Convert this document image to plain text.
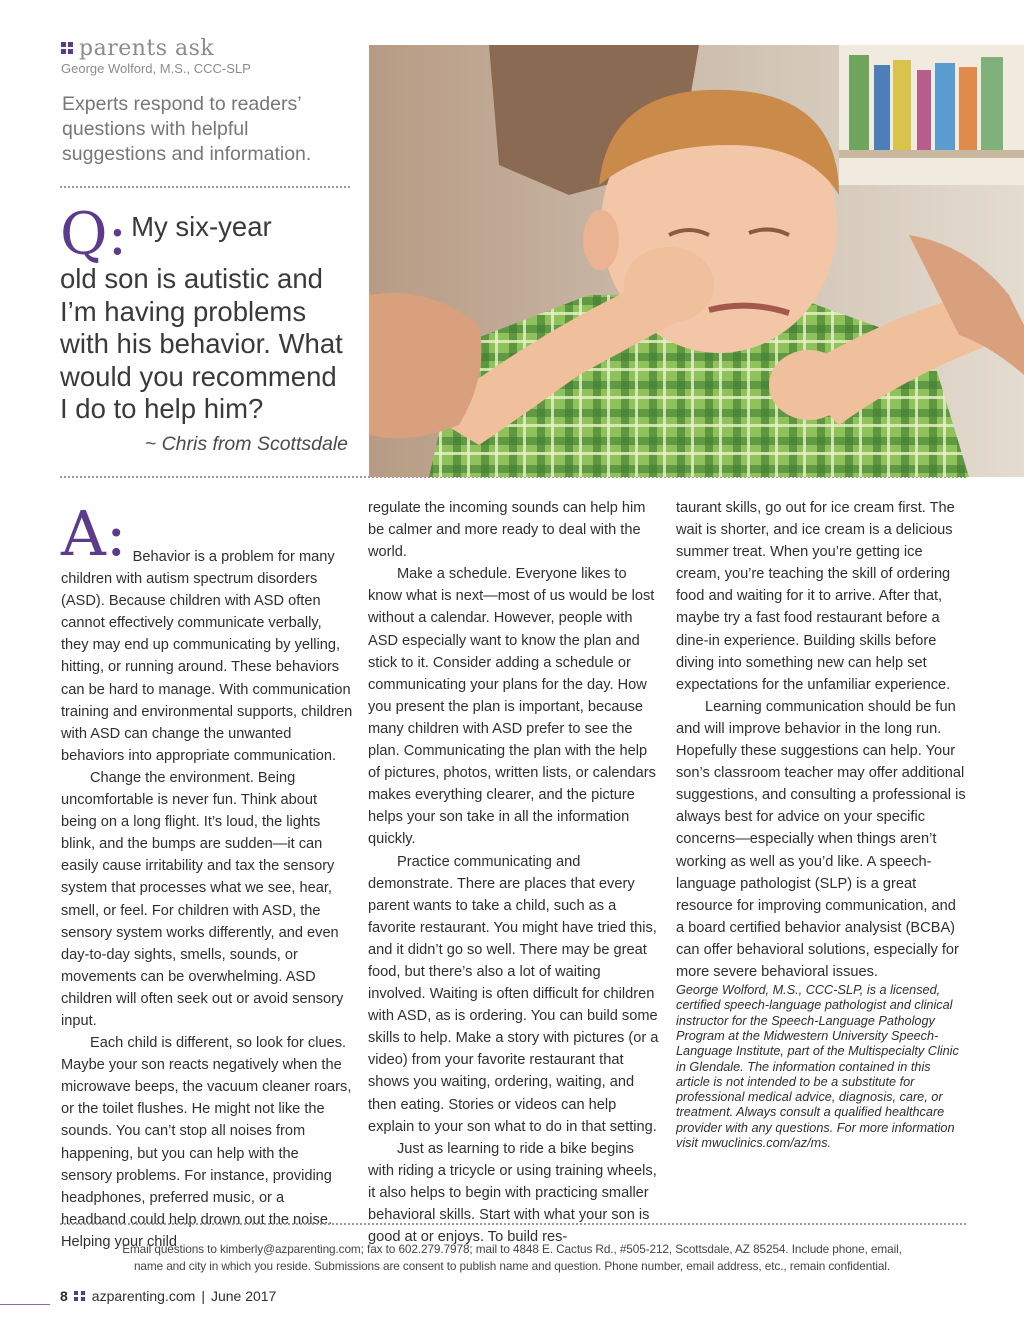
parents ask
George Wolford, M.S., CCC-SLP
Experts respond to readers’ questions with helpful suggestions and information.
Q: My six-year
old son is autistic and
I’m having problems
with his behavior. What
would you recommend
I do to help him?
~ Chris from Scottsdale
A: Behavior is a problem for many children with autism spectrum disorders (ASD). Because children with ASD often cannot effectively communicate verbally, they may end up communicating by yelling, hitting, or running around. These behaviors can be hard to manage. With communication training and environmental supports, children with ASD can change the unwanted behaviors into appropriate communication.

Change the environment. Being uncomfortable is never fun. Think about being on a long flight. It’s loud, the lights blink, and the bumps are sudden—it can easily cause irritability and tax the sensory system that processes what we see, hear, smell, or feel. For children with ASD, the sensory system works differently, and even day-to-day sights, smells, sounds, or movements can be overwhelming. ASD children will often seek out or avoid sensory input.

Each child is different, so look for clues. Maybe your son reacts negatively when the microwave beeps, the vacuum cleaner roars, or the toilet flushes. He might not like the sounds. You can’t stop all noises from happening, but you can help with the sensory problems. For instance, providing headphones, preferred music, or a headband could help drown out the noise. Helping your child

regulate the incoming sounds can help him be calmer and more ready to deal with the world.

Make a schedule. Everyone likes to know what is next—most of us would be lost without a calendar. However, people with ASD especially want to know the plan and stick to it. Consider adding a schedule or communicating your plans for the day. How you present the plan is important, because many children with ASD prefer to see the plan. Communicating the plan with the help of pictures, photos, written lists, or calendars makes everything clearer, and the picture helps your son take in all the information quickly.

Practice communicating and demonstrate. There are places that every parent wants to take a child, such as a favorite restaurant. You might have tried this, and it didn’t go so well. There may be great food, but there’s also a lot of waiting involved. Waiting is often difficult for children with ASD, as is ordering. You can build some skills to help. Make a story with pictures (or a video) from your favorite restaurant that shows you waiting, ordering, waiting, and then eating. Stories or videos can help explain to your son what to do in that setting.

Just as learning to ride a bike begins with riding a tricycle or using training wheels, it also helps to begin with practicing smaller behavioral skills. Start with what your son is good at or enjoys. To build res-

taurant skills, go out for ice cream first. The wait is shorter, and ice cream is a delicious summer treat. When you’re getting ice cream, you’re teaching the skill of ordering food and waiting for it to arrive. After that, maybe try a fast food restaurant before a dine-in experience. Building skills before diving into something new can help set expectations for the unfamiliar experience.

Learning communication should be fun and will improve behavior in the long run. Hopefully these suggestions can help. Your son’s classroom teacher may offer additional suggestions, and consulting a professional is always best for advice on your specific concerns—especially when things aren’t working as well as you’d like. A speech-language pathologist (SLP) is a great resource for improving communication, and a board certified behavior analysist (BCBA) can offer behavioral solutions, especially for more severe behavioral issues.

George Wolford, M.S., CCC-SLP, is a licensed, certified speech-language pathologist and clinical instructor for the Speech-Language Pathology Program at the Midwestern University Speech-Language Institute, part of the Multispecialty Clinic in Glendale. The information contained in this article is not intended to be a substitute for professional medical advice, diagnosis, care, or treatment. Always consult a qualified healthcare provider with any questions. For more information visit mwuclinics.com/az/ms.

Email questions to kimberly@azparenting.com; fax to 602.279.7978; mail to 4848 E. Cactus Rd., #505-212, Scottsdale, AZ 85254. Include phone, email,
name and city in which you reside. Submissions are consent to publish name and question. Phone number, email address, etc., remain confidential.
8 azparenting.com | June 2017
